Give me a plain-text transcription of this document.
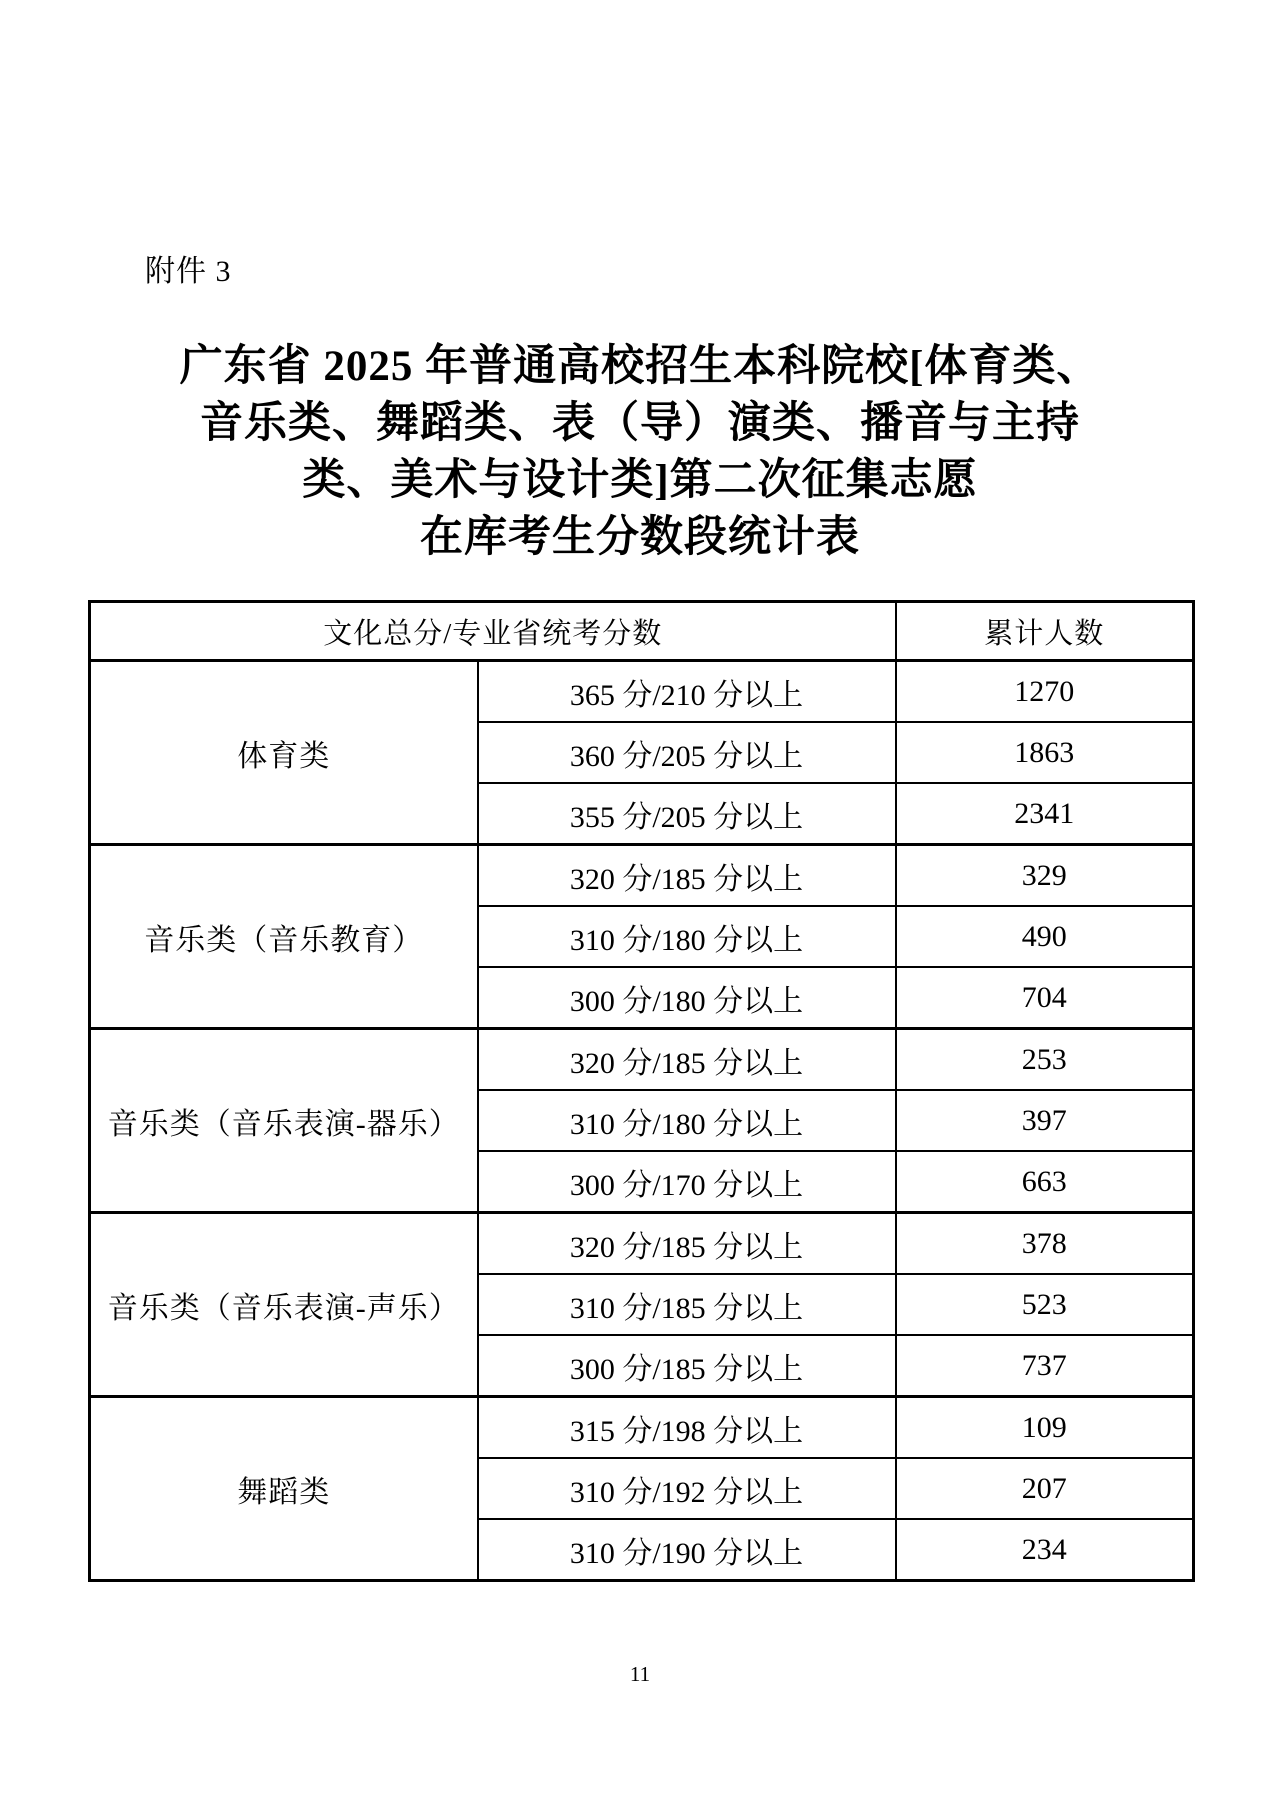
附件 3
广东省 2025 年普通高校招生本科院校[体育类、
音乐类、舞蹈类、表（导）演类、播音与主持
类、美术与设计类]第二次征集志愿
在库考生分数段统计表
文化总分/专业省统考分数		累计人数
体育类	365 分/210 分以上	1270
	360 分/205 分以上	1863
	355 分/205 分以上	2341
音乐类（音乐教育）	320 分/185 分以上	329
	310 分/180 分以上	490
	300 分/180 分以上	704
音乐类（音乐表演-器乐）	320 分/185 分以上	253
	310 分/180 分以上	397
	300 分/170 分以上	663
音乐类（音乐表演-声乐）	320 分/185 分以上	378
	310 分/185 分以上	523
	300 分/185 分以上	737
舞蹈类	315 分/198 分以上	109
	310 分/192 分以上	207
	310 分/190 分以上	234
11
